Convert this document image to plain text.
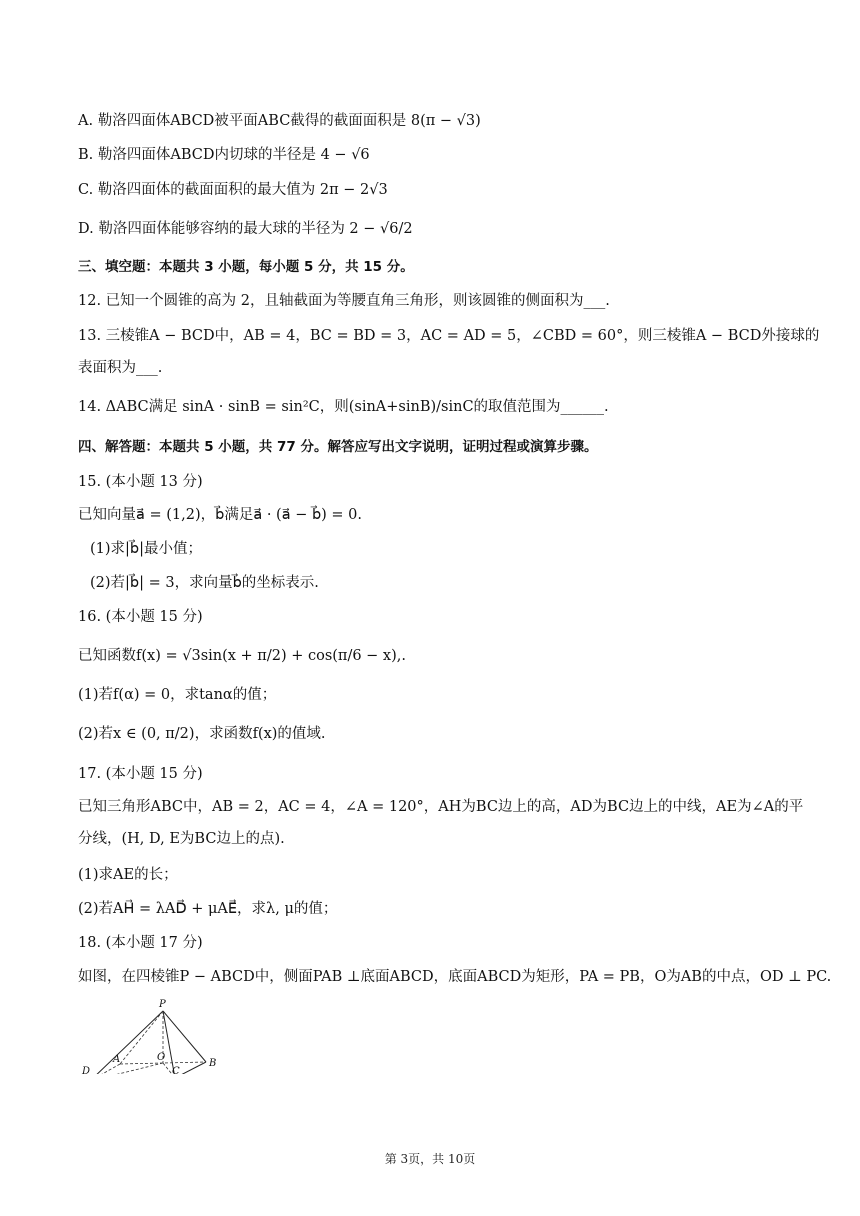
A. 勒洛四面体ABCD被平面ABC截得的截面面积是 8(π − √3)
B. 勒洛四面体ABCD内切球的半径是 4 − √6
C. 勒洛四面体的截面面积的最大值为 2π − 2√3
D. 勒洛四面体能够容纳的最大球的半径为 2 − √6/2
三、填空题：本题共 3 小题，每小题 5 分，共 15 分。
12. 已知一个圆锥的高为 2，且轴截面为等腰直角三角形，则该圆锥的侧面积为___.
13. 三棱锥A − BCD中，AB = 4，BC = BD = 3，AC = AD = 5，∠CBD = 60°，则三棱锥A − BCD外接球的
表面积为___.
14. ΔABC满足 sinA · sinB = sin²C，则(sinA+sinB)/sinC的取值范围为______.
四、解答题：本题共 5 小题，共 77 分。解答应写出文字说明，证明过程或演算步骤。
15. (本小题 13 分)
已知向量a⃗ = (1,2)，b⃗满足a⃗ · (a⃗ − b⃗) = 0.
(1)求|b⃗|最小值；
(2)若|b⃗| = 3，求向量b⃗的坐标表示.
16. (本小题 15 分)
已知函数f(x) = √3sin(x + π/2) + cos(π/6 − x),.
(1)若f(α) = 0，求tanα的值；
(2)若x ∈ (0, π/2)，求函数f(x)的值域.
17. (本小题 15 分)
已知三角形ABC中，AB = 2，AC = 4，∠A = 120°，AH为BC边上的高，AD为BC边上的中线，AE为∠A的平
分线，(H, D, E为BC边上的点).
(1)求AE的长；
(2)若AH⃗ = λAD⃗ + μAE⃗，求λ, μ的值；
18. (本小题 17 分)
如图，在四棱锥P − ABCD中，侧面PAB ⊥底面ABCD，底面ABCD为矩形，PA = PB，O为AB的中点，OD ⊥ PC.
P
A	O
B
D	C
第 3页，共 10页
